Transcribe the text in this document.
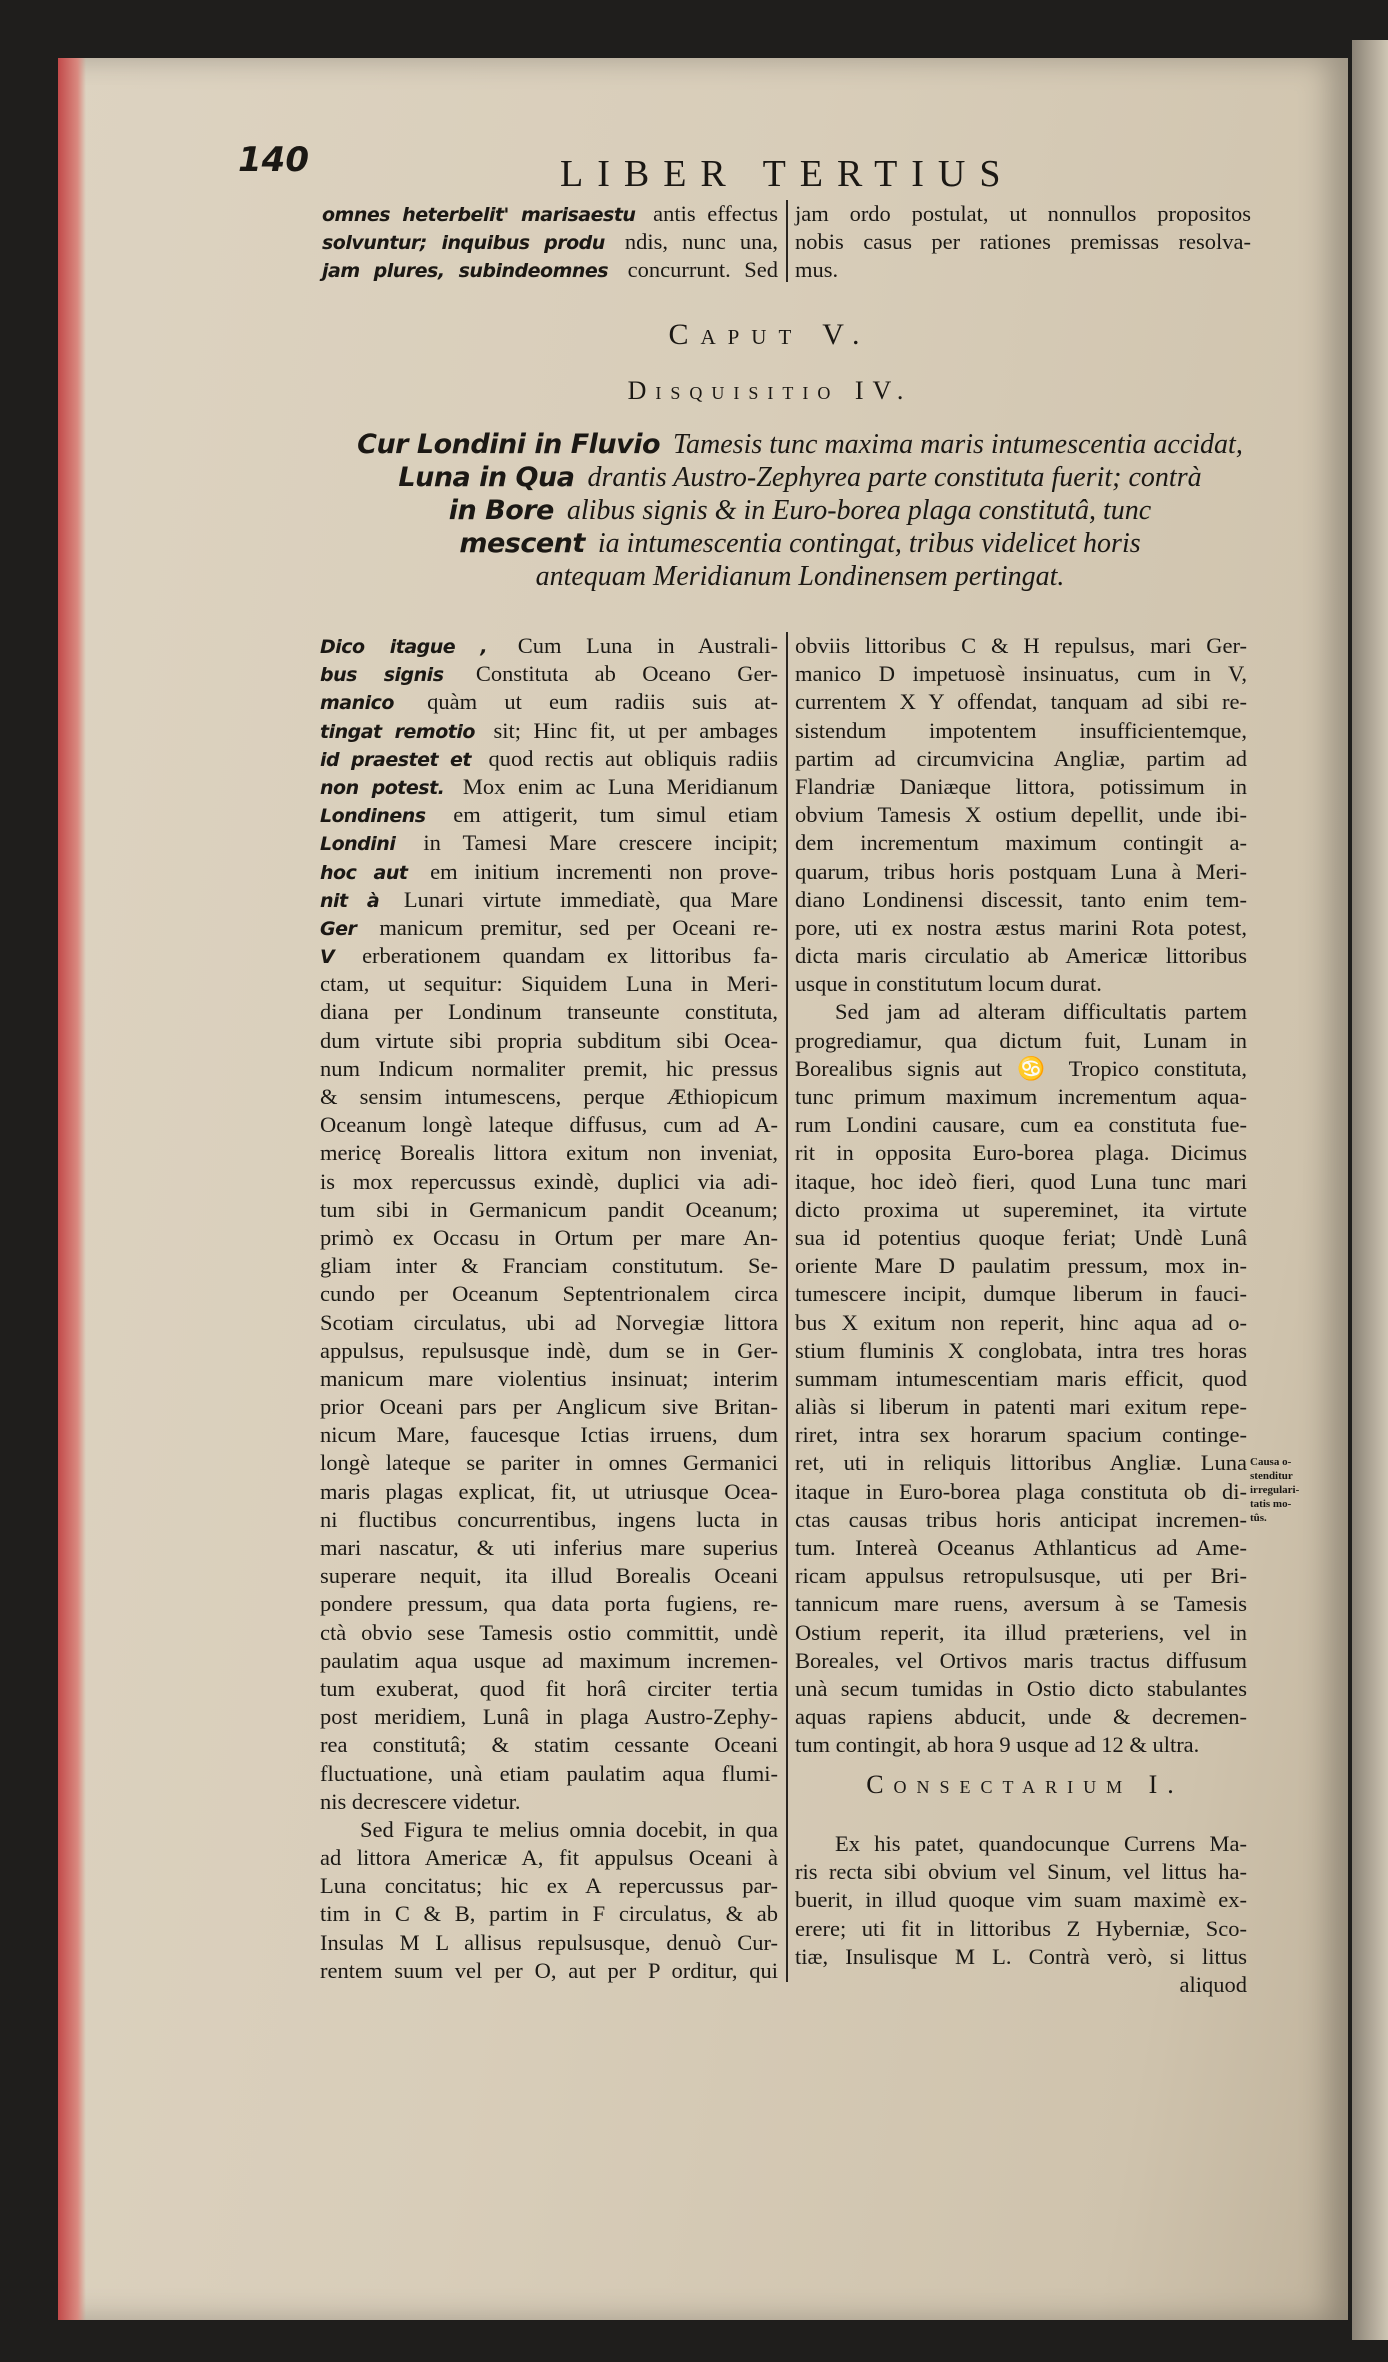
140	LIBER TERTIUS
omnes heterbelit' marisaestu antis effectus
solvuntur; inquibus produ ndis, nunc una,
jam plures, subindeomnes concurrunt. Sed
jam ordo postulat, ut nonnullos propositos
nobis casus per rationes premissas resolva-
mus.
Caput V.
Disquisitio IV.
Cur Londini in Fluvio Tamesis tunc maxima maris intumescentia accidat,
Luna in Qua drantis Austro-Zephyrea parte constituta fuerit; contrà
in Bore alibus signis & in Euro-borea plaga constitutâ, tunc
mescent ia intumescentia contingat, tribus videlicet horis
antequam Meridianum Londinensem pertingat.
Dico itague , Cum Luna in Australi-
bus signis Constituta ab Oceano Ger-
manico quàm ut eum radiis suis at-
tingat remotio sit; Hinc fit, ut per ambages
id praestet et quod rectis aut obliquis radiis
non potest. Mox enim ac Luna Meridianum
Londinens em attigerit, tum simul etiam
Londini in Tamesi Mare crescere incipit;
hoc aut em initium incrementi non prove-
nit à Lunari virtute immediatè, qua Mare
Ger manicum premitur, sed per Oceani re-
V erberationem quandam ex littoribus fa-
ctam, ut sequitur: Siquidem Luna in Meri-
diana per Londinum transeunte constituta,
dum virtute sibi propria subditum sibi Ocea-
num Indicum normaliter premit, hic pressus
& sensim intumescens, perque Æthiopicum
Oceanum longè lateque diffusus, cum ad A-
mericę Borealis littora exitum non inveniat,
is mox repercussus exindè, duplici via adi-
tum sibi in Germanicum pandit Oceanum;
primò ex Occasu in Ortum per mare An-
gliam inter & Franciam constitutum. Se-
cundo per Oceanum Septentrionalem circa
Scotiam circulatus, ubi ad Norvegiæ littora
appulsus, repulsusque indè, dum se in Ger-
manicum mare violentius insinuat; interim
prior Oceani pars per Anglicum sive Britan-
nicum Mare, faucesque Ictias irruens, dum
longè lateque se pariter in omnes Germanici
maris plagas explicat, fit, ut utriusque Ocea-
ni fluctibus concurrentibus, ingens lucta in
mari nascatur, & uti inferius mare superius
superare nequit, ita illud Borealis Oceani
pondere pressum, qua data porta fugiens, re-
ctà obvio sese Tamesis ostio committit, undè
paulatim aqua usque ad maximum incremen-
tum exuberat, quod fit horâ circiter tertia
post meridiem, Lunâ in plaga Austro-Zephy-
rea constitutâ; & statim cessante Oceani
fluctuatione, unà etiam paulatim aqua flumi-
nis decrescere videtur.
Sed Figura te melius omnia docebit, in qua
ad littora Americæ A, fit appulsus Oceani à
Luna concitatus; hic ex A repercussus par-
tim in C & B, partim in F circulatus, & ab
Insulas M L allisus repulsusque, denuò Cur-
rentem suum vel per O, aut per P orditur, qui
obviis littoribus C & H repulsus, mari Ger-
manico D impetuosè insinuatus, cum in V,
currentem X Y offendat, tanquam ad sibi re-
sistendum impotentem insufficientemque,
partim ad circumvicina Angliæ, partim ad
Flandriæ Daniæque littora, potissimum in
obvium Tamesis X ostium depellit, unde ibi-
dem incrementum maximum contingit a-
quarum, tribus horis postquam Luna à Meri-
diano Londinensi discessit, tanto enim tem-
pore, uti ex nostra æstus marini Rota potest,
dicta maris circulatio ab Americæ littoribus
usque in constitutum locum durat.
Sed jam ad alteram difficultatis partem
progrediamur, qua dictum fuit, Lunam in
Borealibus signis aut ♋ Tropico constituta,
tunc primum maximum incrementum aqua-
rum Londini causare, cum ea constituta fue-
rit in opposita Euro-borea plaga. Dicimus
itaque, hoc ideò fieri, quod Luna tunc mari
dicto proxima ut supereminet, ita virtute
sua id potentius quoque feriat; Undè Lunâ
oriente Mare D paulatim pressum, mox in-
tumescere incipit, dumque liberum in fauci-
bus X exitum non reperit, hinc aqua ad o-
stium fluminis X conglobata, intra tres horas
summam intumescentiam maris efficit, quod
aliàs si liberum in patenti mari exitum repe-
riret, intra sex horarum spacium continge-
ret, uti in reliquis littoribus Angliæ. Luna
itaque in Euro-borea plaga constituta ob di-
ctas causas tribus horis anticipat incremen-
tum. Intereà Oceanus Athlanticus ad Ame-
ricam appulsus retropulsusque, uti per Bri-
tannicum mare ruens, aversum à se Tamesis
Ostium reperit, ita illud præteriens, vel in
Boreales, vel Ortivos maris tractus diffusum
unà secum tumidas in Ostio dicto stabulantes
aquas rapiens abducit, unde & decremen-
tum contingit, ab hora 9 usque ad 12 & ultra.
Causa o-
stenditur
irregulari-
tatis mo-
tûs.
Consectarium I.
Ex his patet, quandocunque Currens Ma-
ris recta sibi obvium vel Sinum, vel littus ha-
buerit, in illud quoque vim suam maximè ex-
erere; uti fit in littoribus Z Hyberniæ, Sco-
tiæ, Insulisque M L. Contrà verò, si littus
aliquod
